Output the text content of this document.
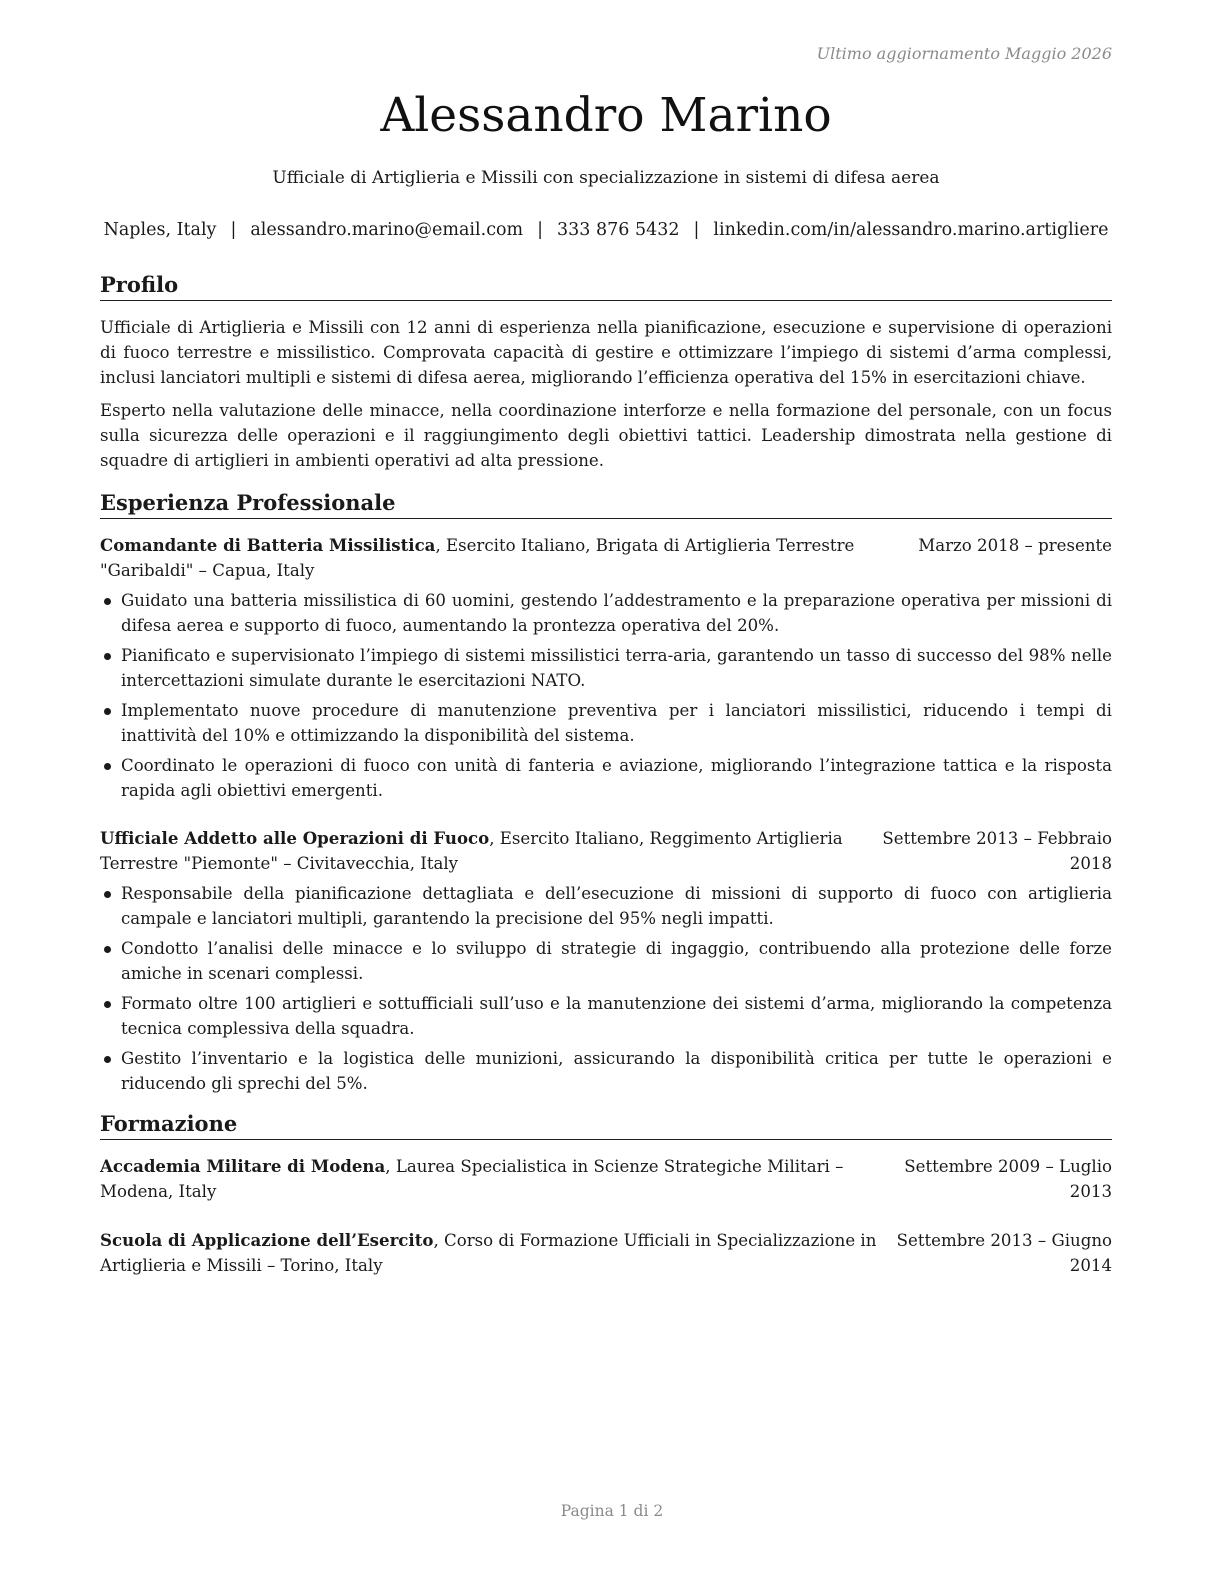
Ultimo aggiornamento Maggio 2026
Alessandro Marino
Ufficiale di Artiglieria e Missili con specializzazione in sistemi di difesa aerea
Naples, Italy | alessandro.marino@email.com | 333 876 5432 | linkedin.com/in/alessandro.marino.artigliere
Profilo

Ufficiale di Artiglieria e Missili con 12 anni di esperienza nella pianificazione, esecuzione e supervisione di operazioni di fuoco terrestre e missilistico. Comprovata capacità di gestire e ottimizzare l’impiego di sistemi d’arma complessi, inclusi lanciatori multipli e sistemi di difesa aerea, migliorando l’efficienza operativa del 15% in esercitazioni chiave.

Esperto nella valutazione delle minacce, nella coordinazione interforze e nella formazione del personale, con un focus sulla sicurezza delle operazioni e il raggiungimento degli obiettivi tattici. Leadership dimostrata nella gestione di squadre di artiglieri in ambienti operativi ad alta pressione.

Esperienza Professionale
Comandante di Batteria Missilistica, Esercito Italiano, Brigata di Artiglieria Terrestre	Marzo 2018 – presente
"Garibaldi" – Capua, Italy
Guidato una batteria missilistica di 60 uomini, gestendo l’addestramento e la preparazione operativa per missioni di difesa aerea e supporto di fuoco, aumentando la prontezza operativa del 20%.
Pianificato e supervisionato l’impiego di sistemi missilistici terra-aria, garantendo un tasso di successo del 98% nelle intercettazioni simulate durante le esercitazioni NATO.
Implementato nuove procedure di manutenzione preventiva per i lanciatori missilistici, riducendo i tempi di inattività del 10% e ottimizzando la disponibilità del sistema.
Coordinato le operazioni di fuoco con unità di fanteria e aviazione, migliorando l’integrazione tattica e la risposta rapida agli obiettivi emergenti.
Ufficiale Addetto alle Operazioni di Fuoco, Esercito Italiano, Reggimento Artiglieria Settembre 2013 – Febbraio
Terrestre "Piemonte" – Civitavecchia, Italy	2018
Responsabile della pianificazione dettagliata e dell’esecuzione di missioni di supporto di fuoco con artiglieria campale e lanciatori multipli, garantendo la precisione del 95% negli impatti.
Condotto l’analisi delle minacce e lo sviluppo di strategie di ingaggio, contribuendo alla protezione delle forze amiche in scenari complessi.
Formato oltre 100 artiglieri e sottufficiali sull’uso e la manutenzione dei sistemi d’arma, migliorando la competenza tecnica complessiva della squadra.
Gestito l’inventario e la logistica delle munizioni, assicurando la disponibilità critica per tutte le operazioni e riducendo gli sprechi del 5%.
Formazione
Accademia Militare di Modena, Laurea Specialistica in Scienze Strategiche Militari –	Settembre 2009 – Luglio
Modena, Italy	2013
Scuola di Applicazione dell’Esercito, Corso di Formazione Ufficiali in Specializzazione in Settembre 2013 – Giugno
Artiglieria e Missili – Torino, Italy	2014
Pagina 1 di 2
